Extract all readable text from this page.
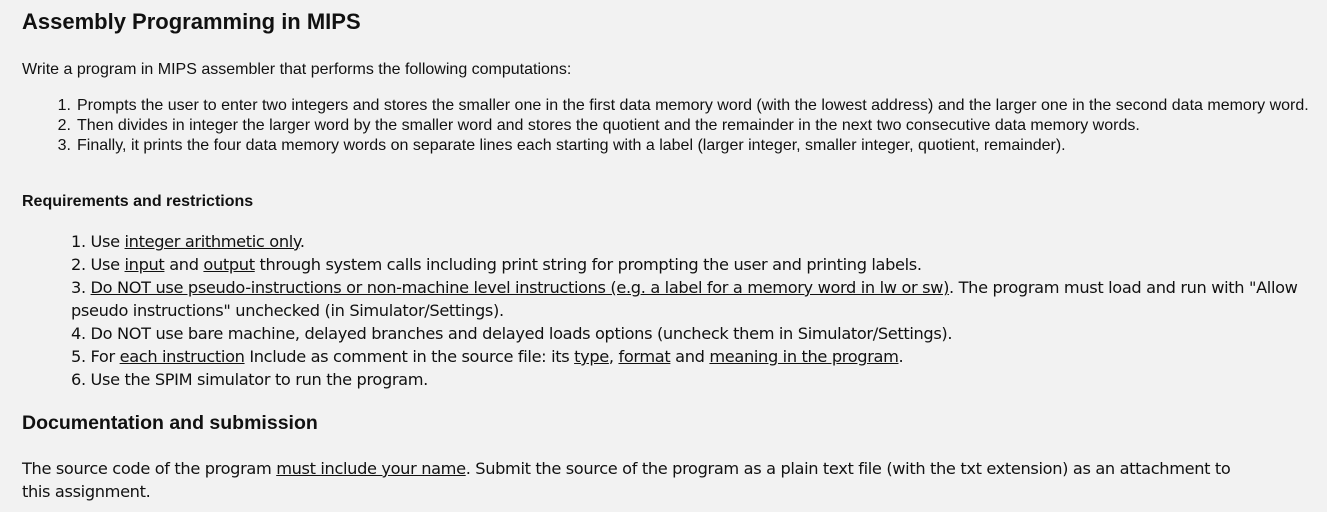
Assembly Programming in MIPS

Write a program in MIPS assembler that performs the following computations:

1. Prompts the user to enter two integers and stores the smaller one in the first data memory word (with the lowest address) and the larger one in the second data memory word.
2. Then divides in integer the larger word by the smaller word and stores the quotient and the remainder in the next two consecutive data memory words.
3. Finally, it prints the four data memory words on separate lines each starting with a label (larger integer, smaller integer, quotient, remainder).
Requirements and restrictions
1. Use integer arithmetic only.
2. Use input and output through system calls including print string for prompting the user and printing labels.
3. Do NOT use pseudo-instructions or non-machine level instructions (e.g. a label for a memory word in lw or sw). The program must load and run with "Allow pseudo instructions" unchecked (in Simulator/Settings).
4. Do NOT use bare machine, delayed branches and delayed loads options (uncheck them in Simulator/Settings).
5. For each instruction Include as comment in the source file: its type, format and meaning in the program.
6. Use the SPIM simulator to run the program.
Documentation and submission

The source code of the program must include your name. Submit the source of the program as a plain text file (with the txt extension) as an attachment to this assignment.
